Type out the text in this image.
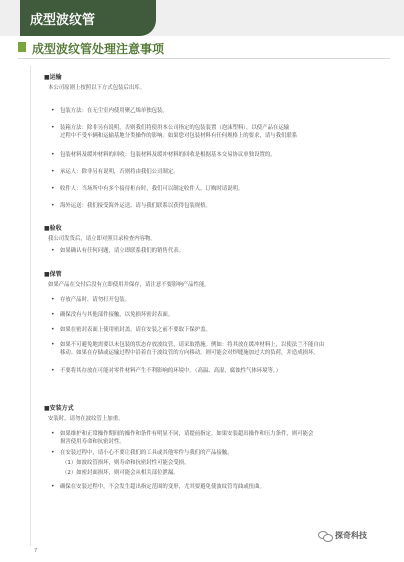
成型波纹管
成型波纹管处理注意事项
■运输
本公司原则上按照以下方式包装后出库。
• 包装方法：在无尘室内使用聚乙烯单独包装。
• 装箱方法：除非另有说明，否则我们将使用本公司指定的包装装置（泡沫塑料），以使产品在运输
过程中不受车辆和运输基地分类操作的影响。如果您对包装材料有任何规格上的要求，请与我们联系
• 包装材料及缓冲材料的回收：包装材料及缓冲材料的回收是根据基本交易协议单独设置的。
• 承运人：除非另有说明，否则将由我们公司制定。
• 收件人：当场所中有多个接待柜台时，我们可以制定收件人。订购时请说明。
• 海外运送：我们接受海外运送。请与我们联系以获得包装规格。
■验收
我公司发货后，请立即对照目录检查内容物。
• 如果确认有任何问题，请立即联系我们的销售代表。
■保管
如果产品在交付后没有立即使用并保存，请注意不要影响产品性能。
• 存放产品时，请勿打开包装。
• 确保没有与其他部件接触，以免损坏密封表面。
• 如果在密封表面上使用密封盖，请在安装之前不要取下保护盖。
• 如果不可避免地需要以未包装的状态存放波纹管，请采取措施。例如：将其放在缓冲材料上，以使法兰不能自由
移动。如果在存储或运输过程中沿着直于波纹管的方向移动，则可能会对焊缝施加过大的负荷，并造成损坏。
• 不要将其存放在可能对零件材料产生不利影响的环境中。（高温、高湿、腐蚀性气体环境等。）
■安装方式
安装时，请勿在波纹管上加重。
• 如果维护和正常操作期间的操作和条件有明显不同，请提前指定。如果安装超出操作和压力条件，则可能会
损害使用寿命和抗密封性。
• 在安装过程中，请小心不要让我们的工具或其他零件与我们的产品接触。
（1）如波纹管损坏，则寿命和抗密封性可能会受损。
（2）如密封面损坏，则可能会从相关部位泄漏。
• 确保在安装过程中，不会发生超出指定范围的变形，尤其要避免使波纹管弯曲或扭曲。
7
探奇科技
